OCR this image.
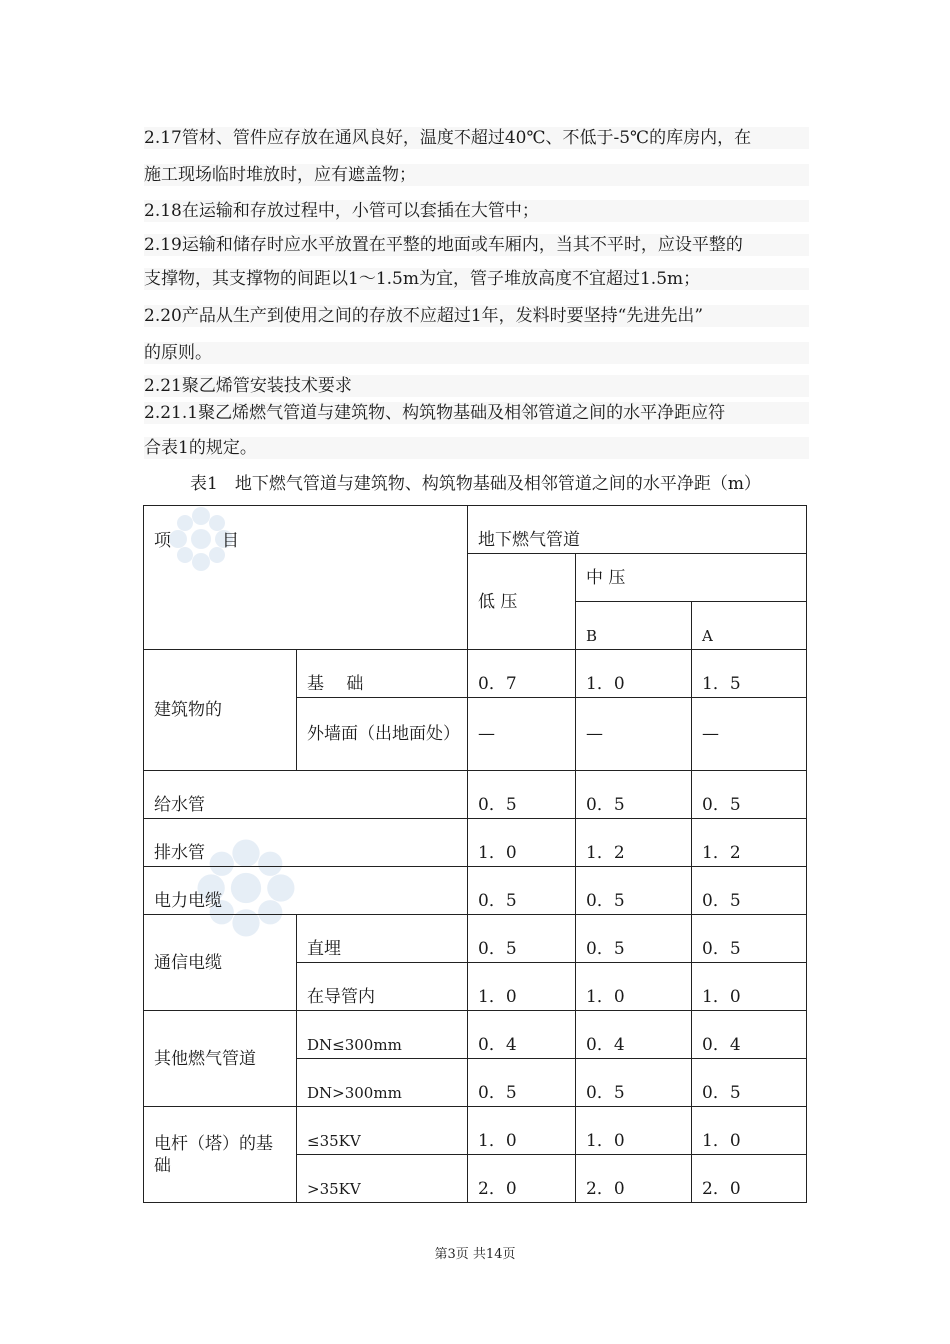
2.17管材、管件应存放在通风良好，温度不超过40℃、不低于-5℃的库房内，在
施工现场临时堆放时，应有遮盖物；
2.18在运输和存放过程中，小管可以套插在大管中；
2.19运输和储存时应水平放置在平整的地面或车厢内，当其不平时，应设平整的
支撑物，其支撑物的间距以1～1.5m为宜，管子堆放高度不宜超过1.5m；
2.20产品从生产到使用之间的存放不应超过1年，发料时要坚持“先进先出”
的原则。
2.21聚乙烯管安装技术要求
2.21.1聚乙烯燃气管道与建筑物、构筑物基础及相邻管道之间的水平净距应符
合表1的规定。
表1　地下燃气管道与建筑物、构筑物基础及相邻管道之间的水平净距（m）
项　　　目		地下燃气管道		
		低 压	中 压	
			B	A
建筑物的	基　 础	0．7	1．0	1．5
	外墙面（出地面处）	—	—	—
给水管		0．5	0．5	0．5
排水管		1．0	1．2	1．2
电力电缆		0．5	0．5	0．5
通信电缆	直埋	0．5	0．5	0．5
	在导管内	1．0	1．0	1．0
其他燃气管道	DN≤300mm	0．4	0．4	0．4
	DN>300mm	0．5	0．5	0．5
电杆（塔）的基础	≤35KV	1．0	1．0	1．0
	>35KV	2．0	2．0	2．0
第3页 共14页
